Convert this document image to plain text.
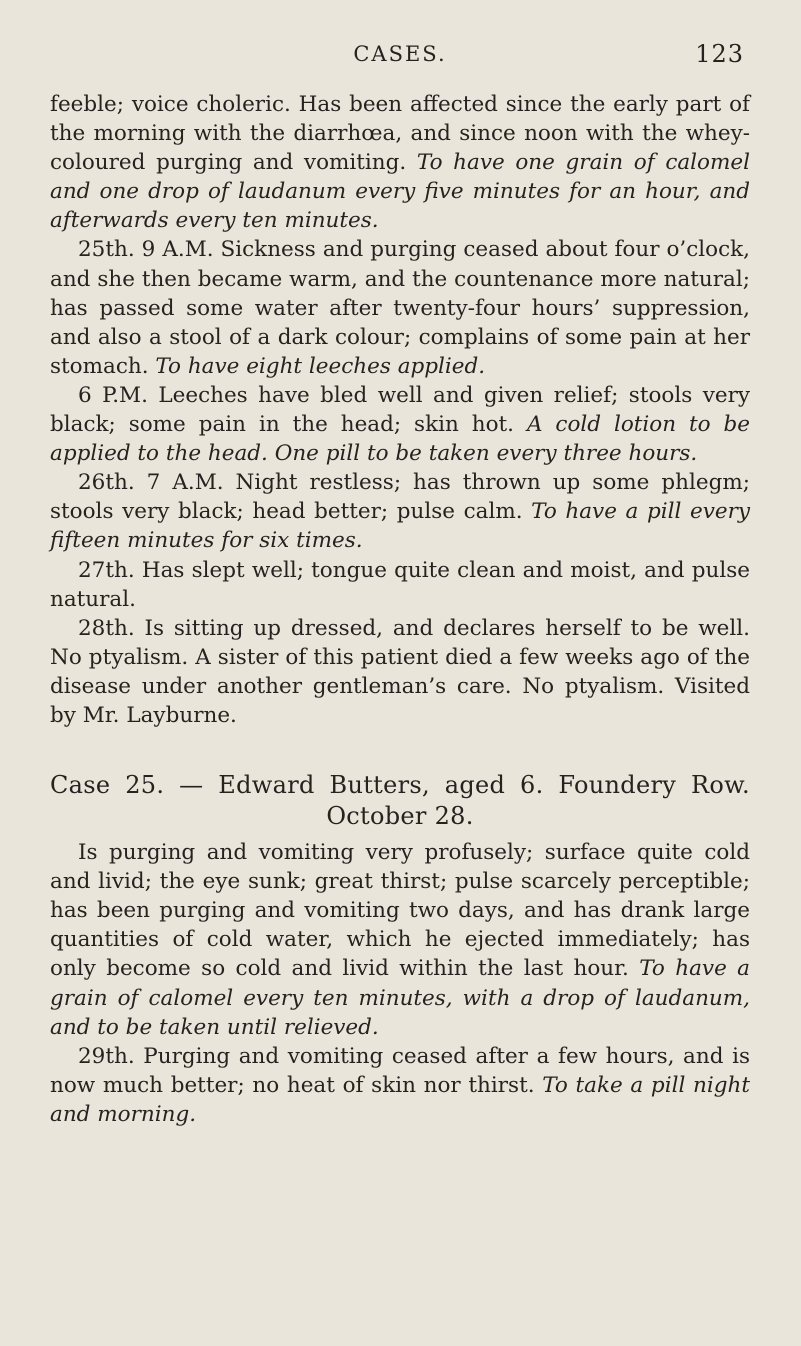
CASES.	123

feeble; voice choleric. Has been affected since the early part of the morning with the diarrhœa, and since noon with the whey-coloured purging and vomiting. To have one grain of calomel and one drop of laudanum every five minutes for an hour, and afterwards every ten minutes.

25th. 9 A.M. Sickness and purging ceased about four o’clock, and she then became warm, and the countenance more natural; has passed some water after twenty-four hours’ suppression, and also a stool of a dark colour; complains of some pain at her stomach. To have eight leeches applied.

6 P.M. Leeches have bled well and given relief; stools very black; some pain in the head; skin hot. A cold lotion to be applied to the head. One pill to be taken every three hours.

26th. 7 A.M. Night restless; has thrown up some phlegm; stools very black; head better; pulse calm. To have a pill every fifteen minutes for six times.

27th. Has slept well; tongue quite clean and moist, and pulse natural.

28th. Is sitting up dressed, and declares herself to be well. No ptyalism. A sister of this patient died a few weeks ago of the disease under another gentleman’s care. No ptyalism. Visited by Mr. Layburne.

Case 25. — Edward Butters, aged 6. Foundery Row. October 28.

Is purging and vomiting very profusely; surface quite cold and livid; the eye sunk; great thirst; pulse scarcely perceptible; has been purging and vomiting two days, and has drank large quantities of cold water, which he ejected immediately; has only become so cold and livid within the last hour. To have a grain of calomel every ten minutes, with a drop of laudanum, and to be taken until relieved.

29th. Purging and vomiting ceased after a few hours, and is now much better; no heat of skin nor thirst. To take a pill night and morning.
